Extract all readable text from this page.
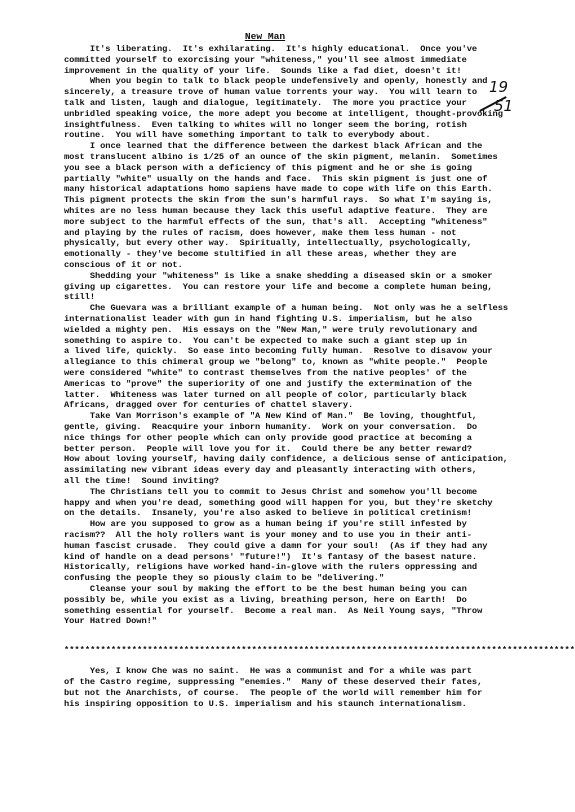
New Man
It's liberating.  It's exhilarating.  It's highly educational.  Once you've
committed yourself to exorcising your "whiteness," you'll see almost immediate
improvement in the quality of your life.  Sounds like a fad diet, doesn't it!
When you begin to talk to black people undefensively and openly, honestly and
sincerely, a treasure trove of human value torrents your way.  You will learn to
talk and listen, laugh and dialogue, legitimately.  The more you practice your
unbridled speaking voice, the more adept you become at intelligent, thought-provoking
insightfulness.  Even talking to whites will no longer seem the boring, rotish
routine.  You will have something important to talk to everybody about.
I once learned that the difference between the darkest black African and the
most translucent albino is 1/25 of an ounce of the skin pigment, melanin.  Sometimes
you see a black person with a deficiency of this pigment and he or she is going
partially "white" usually on the hands and face.  This skin pigment is just one of
many historical adaptations homo sapiens have made to cope with life on this Earth.
This pigment protects the skin from the sun's harmful rays.  So what I'm saying is,
whites are no less human because they lack this useful adaptive feature.  They are
more subject to the harmful effects of the sun, that's all.  Accepting "whiteness"
and playing by the rules of racism, does however, make them less human - not
physically, but every other way.  Spiritually, intellectually, psychologically,
emotionally - they've become stultified in all these areas, whether they are
conscious of it or not.
Shedding your "whiteness" is like a snake shedding a diseased skin or a smoker
giving up cigarettes.  You can restore your life and become a complete human being,
still!
Che Guevara was a brilliant example of a human being.  Not only was he a selfless
internationalist leader with gun in hand fighting U.S. imperialism, but he also
wielded a mighty pen.  His essays on the "New Man," were truly revolutionary and
something to aspire to.  You can't be expected to make such a giant step up in
a lived life, quickly.  So ease into becoming fully human.  Resolve to disavow your
allegiance to this chimeral group we "belong" to, known as "white people."  People
were considered "white" to contrast themselves from the native peoples' of the
Americas to "prove" the superiority of one and justify the extermination of the
latter.  Whiteness was later turned on all people of color, particularly black
Africans, dragged over for centuries of chattel slavery.
Take Van Morrison's example of "A New Kind of Man."  Be loving, thoughtful,
gentle, giving.  Reacquire your inborn humanity.  Work on your conversation.  Do
nice things for other people which can only provide good practice at becoming a
better person.  People will love you for it.  Could there be any better reward?
How about loving yourself, having daily confidence, a delicious sense of anticipation,
assimilating new vibrant ideas every day and pleasantly interacting with others,
all the time!  Sound inviting?
The Christians tell you to commit to Jesus Christ and somehow you'll become
happy and when you're dead, something good will happen for you, but they're sketchy
on the details.  Insanely, you're also asked to believe in political cretinism!
How are you supposed to grow as a human being if you're still infested by
racism??  All the holy rollers want is your money and to use you in their anti-
human fascist crusade.  They could give a damn for your soul!  (As if they had any
kind of handle on a dead persons' "future!")  It's fantasy of the basest nature.
Historically, religions have worked hand-in-glove with the rulers oppressing and
confusing the people they so piously claim to be "delivering."
Cleanse your soul by making the effort to be the best human being you can
possibly be, while you exist as a living, breathing person, here on Earth!  Do
something essential for yourself.  Become a real man.  As Neil Young says, "Throw
Your Hatred Down!"
**************************************************************************************************
Yes, I know Che was no saint.  He was a communist and for a while was part
of the Castro regime, suppressing "enemies."  Many of these deserved their fates,
but not the Anarchists, of course.  The people of the world will remember him for
his inspiring opposition to U.S. imperialism and his staunch internationalism.
19
51
